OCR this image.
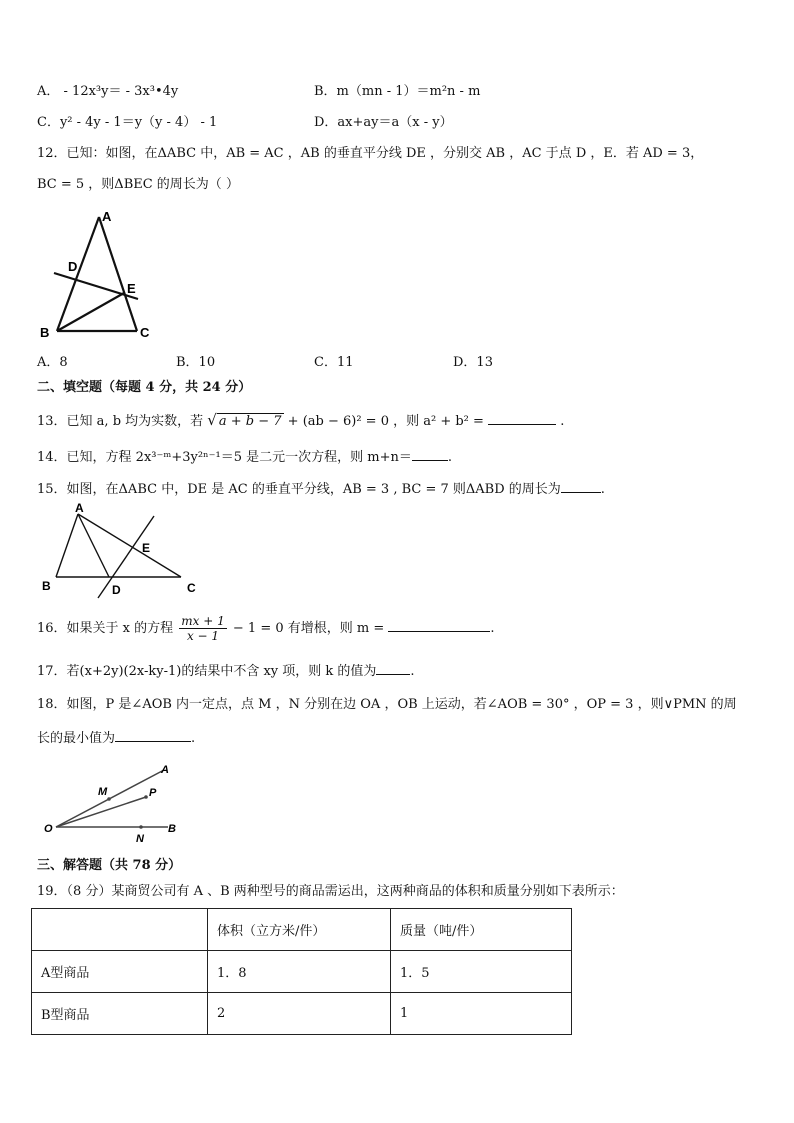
A． - 12x³y＝ - 3x³•4y	B．m（mn - 1）＝m²n - m
C．y² - 4y - 1＝y（y - 4） - 1	D．ax+ay＝a（x - y）
12．已知：如图，在ΔABC 中，AB = AC ，AB 的垂直平分线 DE ，分别交 AB ，AC 于点 D ，E．若 AD = 3，
BC = 5 ，则ΔBEC 的周长为（ ）
A
D
E
B	C
A．8	B．10	C．11	D．13
二、填空题（每题 4 分，共 24 分）
13．已知 a, b 均为实数，若 √ a + b − 7 + (ab − 6)² = 0 ，则 a² + b² =	.
14．已知，方程 2x³⁻ᵐ+3y²ⁿ⁻¹＝5 是二元一次方程，则 m+n＝	.
15．如图，在ΔABC 中，DE 是 AC 的垂直平分线，AB = 3 , BC = 7 则ΔABD 的周长为	.
A
E
B	D	C
16．如果关于 x 的方程 $\frac{mx + 1}{x - 1} - 1 = 0$ 有增根，则 m =	.
17．若(x+2y)(2x-ky-1)的结果中不含 xy 项，则 k 的值为	.
18．如图，P 是∠AOB 内一定点，点 M ，N 分别在边 OA ，OB 上运动，若∠AOB = 30° ，OP = 3 ，则∨PMN 的周
长的最小值为	.
A
M	P
O
N
B
三、解答题（共 78 分）
19．（8 分）某商贸公司有 A 、B 两种型号的商品需运出，这两种商品的体积和质量分别如下表所示：
	体积（立方米/件）	质量（吨/件）
A型商品	1．8	1．5
B型商品	2	1
